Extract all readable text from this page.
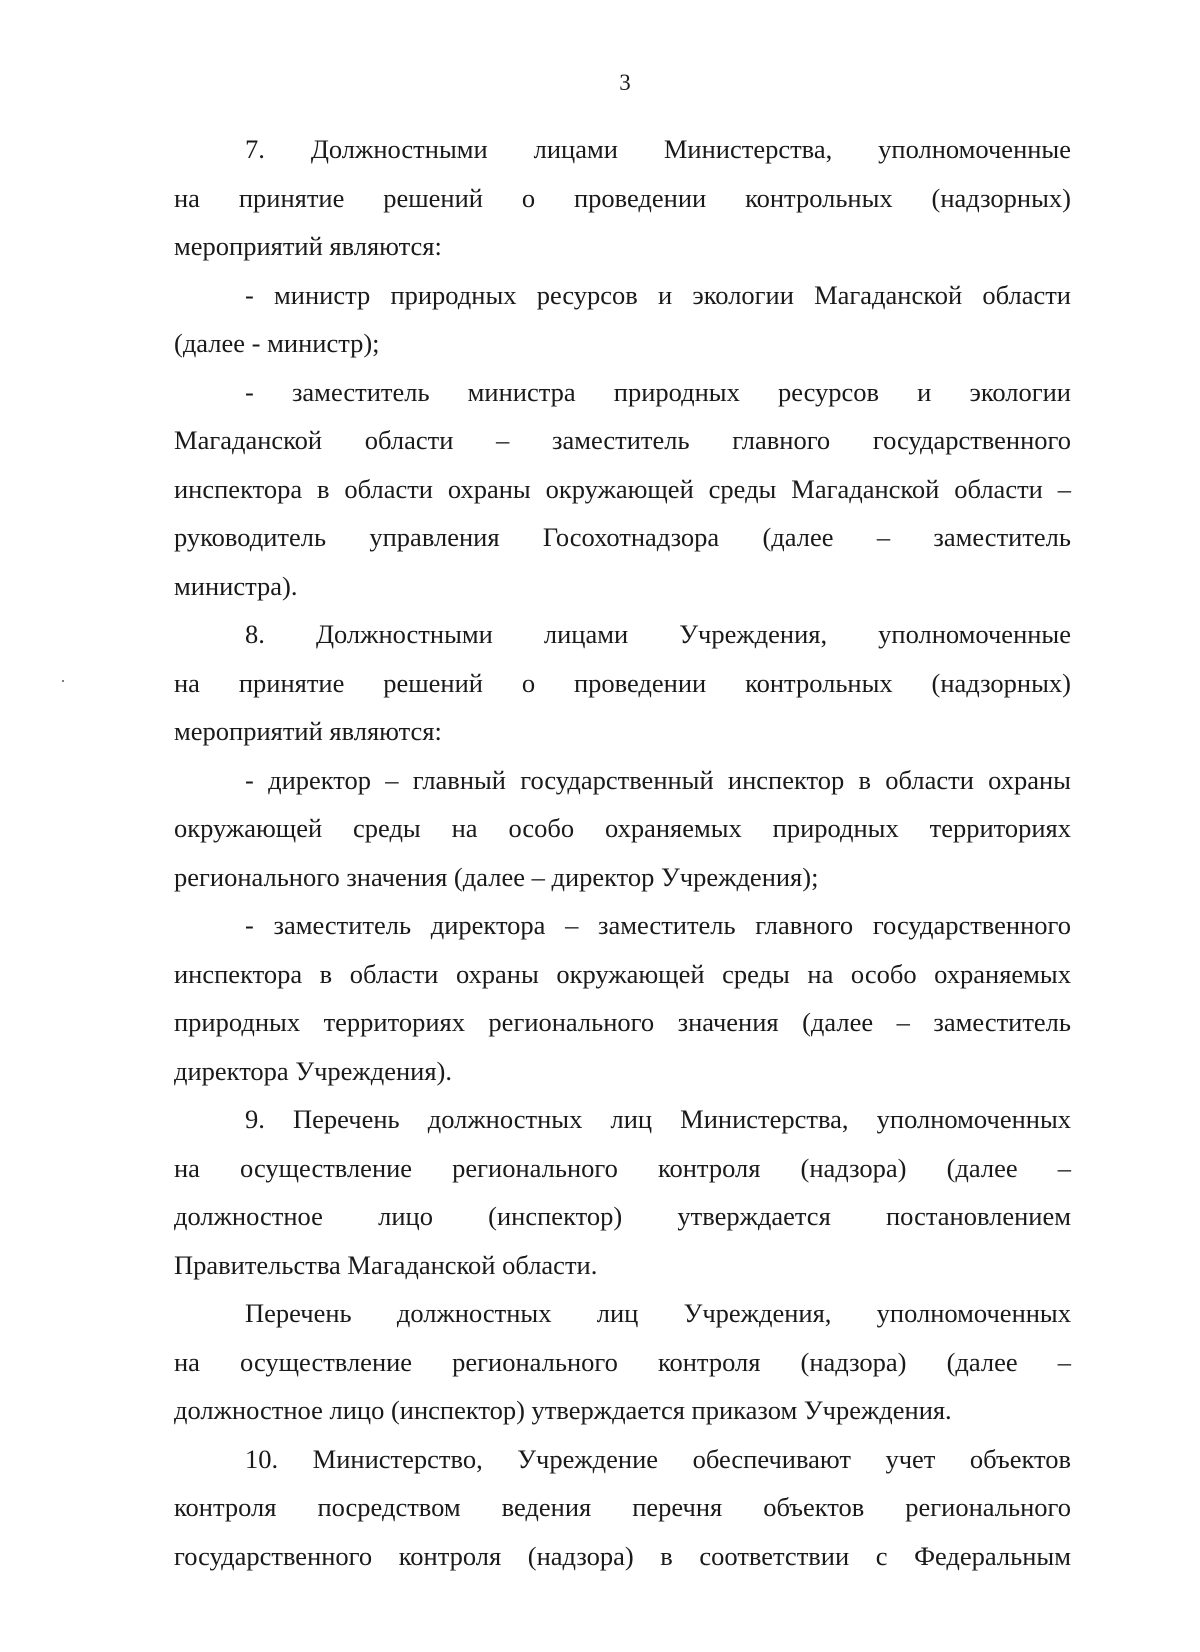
3

7. Должностными лицами Министерства, уполномоченные
на принятие решений о проведении контрольных (надзорных)
мероприятий являются:

- министр природных ресурсов и экологии Магаданской области
(далее - министр);

- заместитель министра природных ресурсов и экологии
Магаданской области – заместитель главного государственного
инспектора в области охраны окружающей среды Магаданской области –
руководитель управления Госохотнадзора (далее – заместитель
министра).

8. Должностными лицами Учреждения, уполномоченные
на принятие решений о проведении контрольных (надзорных)
мероприятий являются:

- директор – главный государственный инспектор в области охраны
окружающей среды на особо охраняемых природных территориях
регионального значения (далее – директор Учреждения);

- заместитель директора – заместитель главного государственного
инспектора в области охраны окружающей среды на особо охраняемых
природных территориях регионального значения (далее – заместитель
директора Учреждения).

9. Перечень должностных лиц Министерства, уполномоченных
на осуществление регионального контроля (надзора) (далее –
должностное лицо (инспектор) утверждается постановлением
Правительства Магаданской области.

Перечень должностных лиц Учреждения, уполномоченных
на осуществление регионального контроля (надзора) (далее –
должностное лицо (инспектор) утверждается приказом Учреждения.

10. Министерство, Учреждение обеспечивают учет объектов
контроля посредством ведения перечня объектов регионального
государственного контроля (надзора) в соответствии с Федеральным
